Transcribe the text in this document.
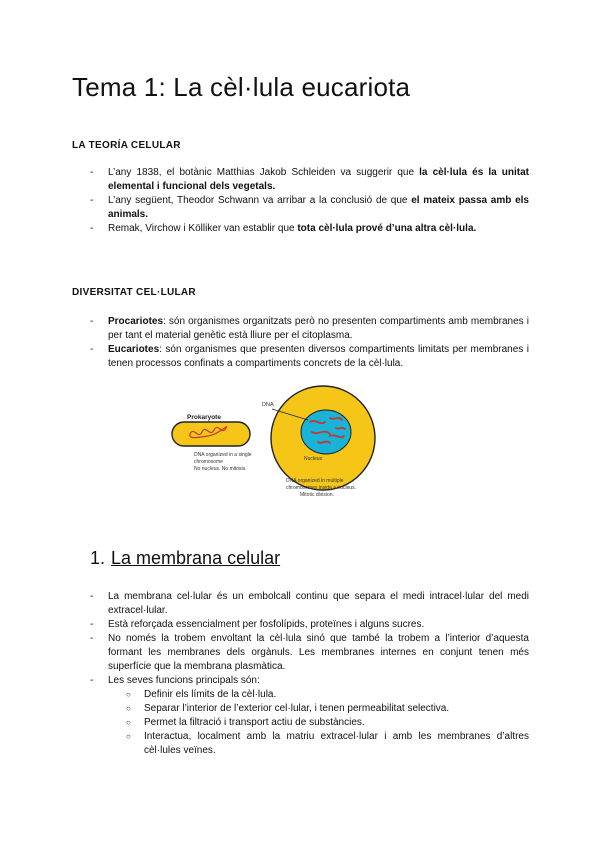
Tema 1: La cèl·lula eucariota
LA TEORÍA CELULAR
- L’any 1838, el botànic Matthias Jakob Schleiden va suggerir que la cèl·lula és la unitat elemental i funcional dels vegetals.
- L’any següent, Theodor Schwann va arribar a la conclusió de que el mateix passa amb els animals.
- Remak, Virchow i Kölliker van establir que tota cèl·lula prové d’una altra cèl·lula.
DIVERSITAT CEL·LULAR
- Procariotes: són organismes organitzats però no presenten compartiments amb membranes i per tant el material genètic està lliure per el citoplasma.
- Eucariotes: són organismes que presenten diversos compartiments limitats per membranes i tenen processos confinats a compartiments concrets de la cèl·lula.
Prokaryote
DNA organized in a single
chromosome
No nucleus. No mitosis.
DNA
Nucleus
DNA organized in multiple
chromosomes inside a nucleus.
Mitotic division.
1. La membrana celular
- La membrana cel·lular és un embolcall continu que separa el medi intracel·lular del medi extracel·lular.
- Està reforçada essencialment per fosfolípids, proteïnes i alguns sucres.
- No només la trobem envoltant la cèl·lula sinó que també la trobem a l’interior d’aquesta formant les membranes dels orgànuls. Les membranes internes en conjunt tenen més superfície que la membrana plasmàtica.
- Les seves funcions principals són:
○ Definir els límits de la cèl·lula.
○ Separar l’interior de l’exterior cel·lular, i tenen permeabilitat selectiva.
○ Permet la filtració i transport actiu de substàncies.
○ Interactua, localment amb la matriu extracel·lular i amb les membranes d’altres cèl·lules veïnes.
